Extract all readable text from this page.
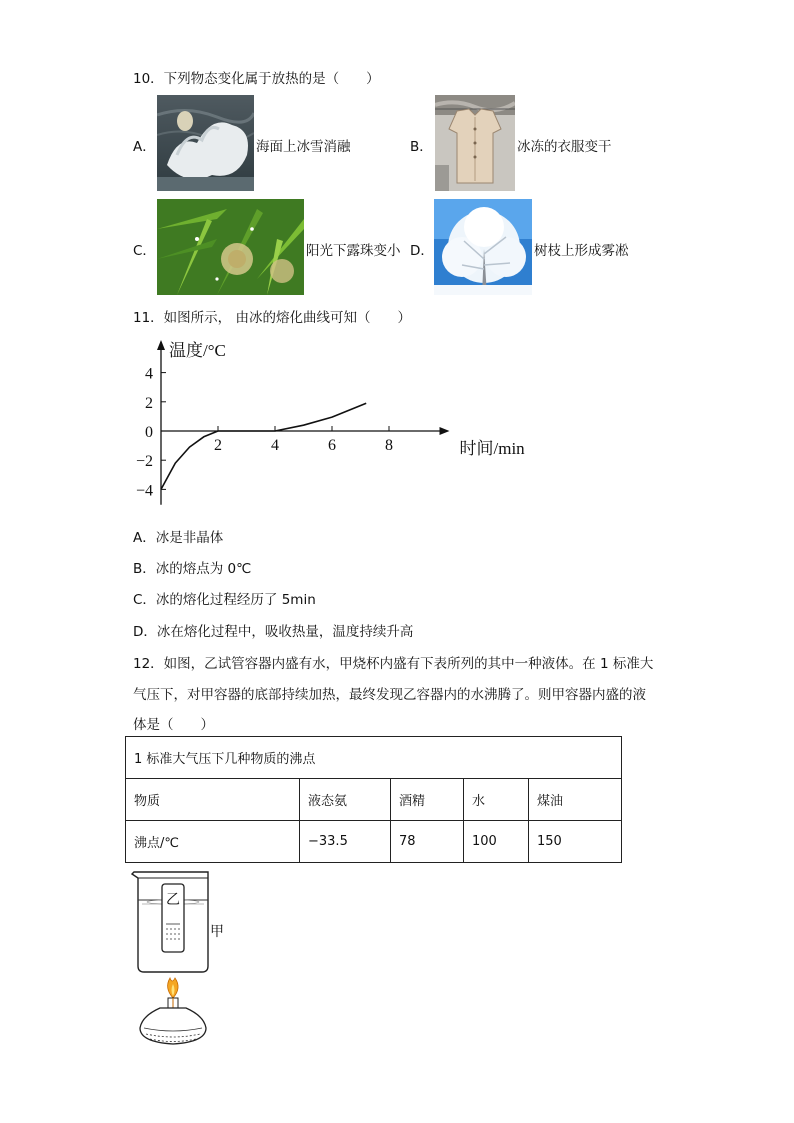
10．下列物态变化属于放热的是（　　）
A．	海面上冰雪消融	B．	冰冻的衣服变干
C．	阳光下露珠变小 D．	树枝上形成雾凇
11．如图所示， 由冰的熔化曲线可知（　　）
4
2
0
−2
−4
2	4	6	8
温度/°C
时间/min
A．冰是非晶体
B．冰的熔点为 0℃
C．冰的熔化过程经历了 5min
D．冰在熔化过程中，吸收热量，温度持续升高
12．如图，乙试管容器内盛有水，甲烧杯内盛有下表所列的其中一种液体。在 1 标准大
气压下，对甲容器的底部持续加热，最终发现乙容器内的水沸腾了。则甲容器内盛的液
体是（　　）
1 标准大气压下几种物质的沸点				
物质	液态氨	酒精	水	煤油
沸点/℃	−33.5	78	100	150
乙
甲
